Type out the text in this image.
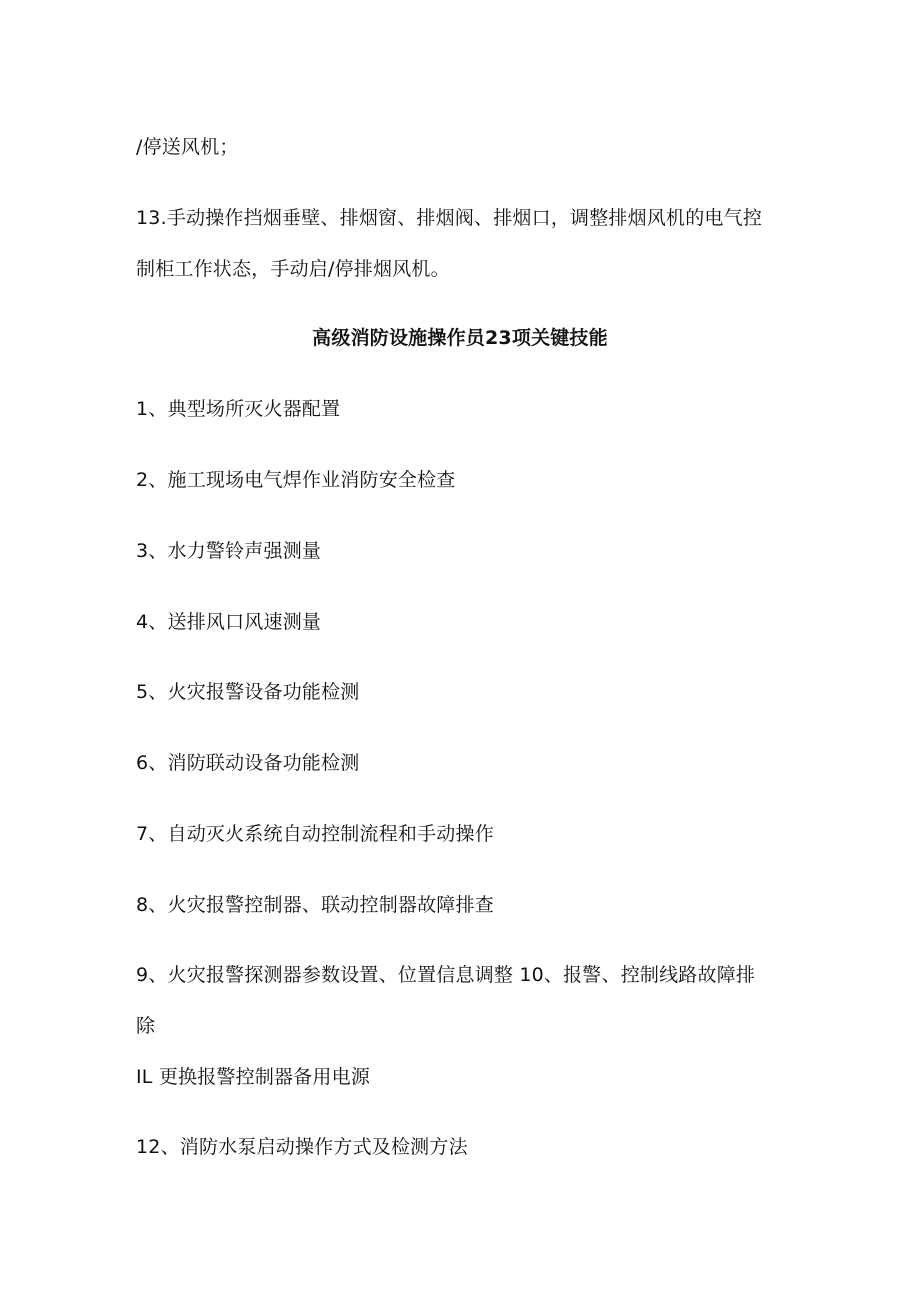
/停送风机；
13.手动操作挡烟垂壁、排烟窗、排烟阀、排烟口，调整排烟风机的电气控
制柜工作状态，手动启/停排烟风机。
高级消防设施操作员23项关键技能
1、典型场所灭火器配置
2、施工现场电气焊作业消防安全检查
3、水力警铃声强测量
4、送排风口风速测量
5、火灾报警设备功能检测
6、消防联动设备功能检测
7、自动灭火系统自动控制流程和手动操作
8、火灾报警控制器、联动控制器故障排查
9、火灾报警探测器参数设置、位置信息调整 10、报警、控制线路故障排
除
IL 更换报警控制器备用电源
12、消防水泵启动操作方式及检测方法
